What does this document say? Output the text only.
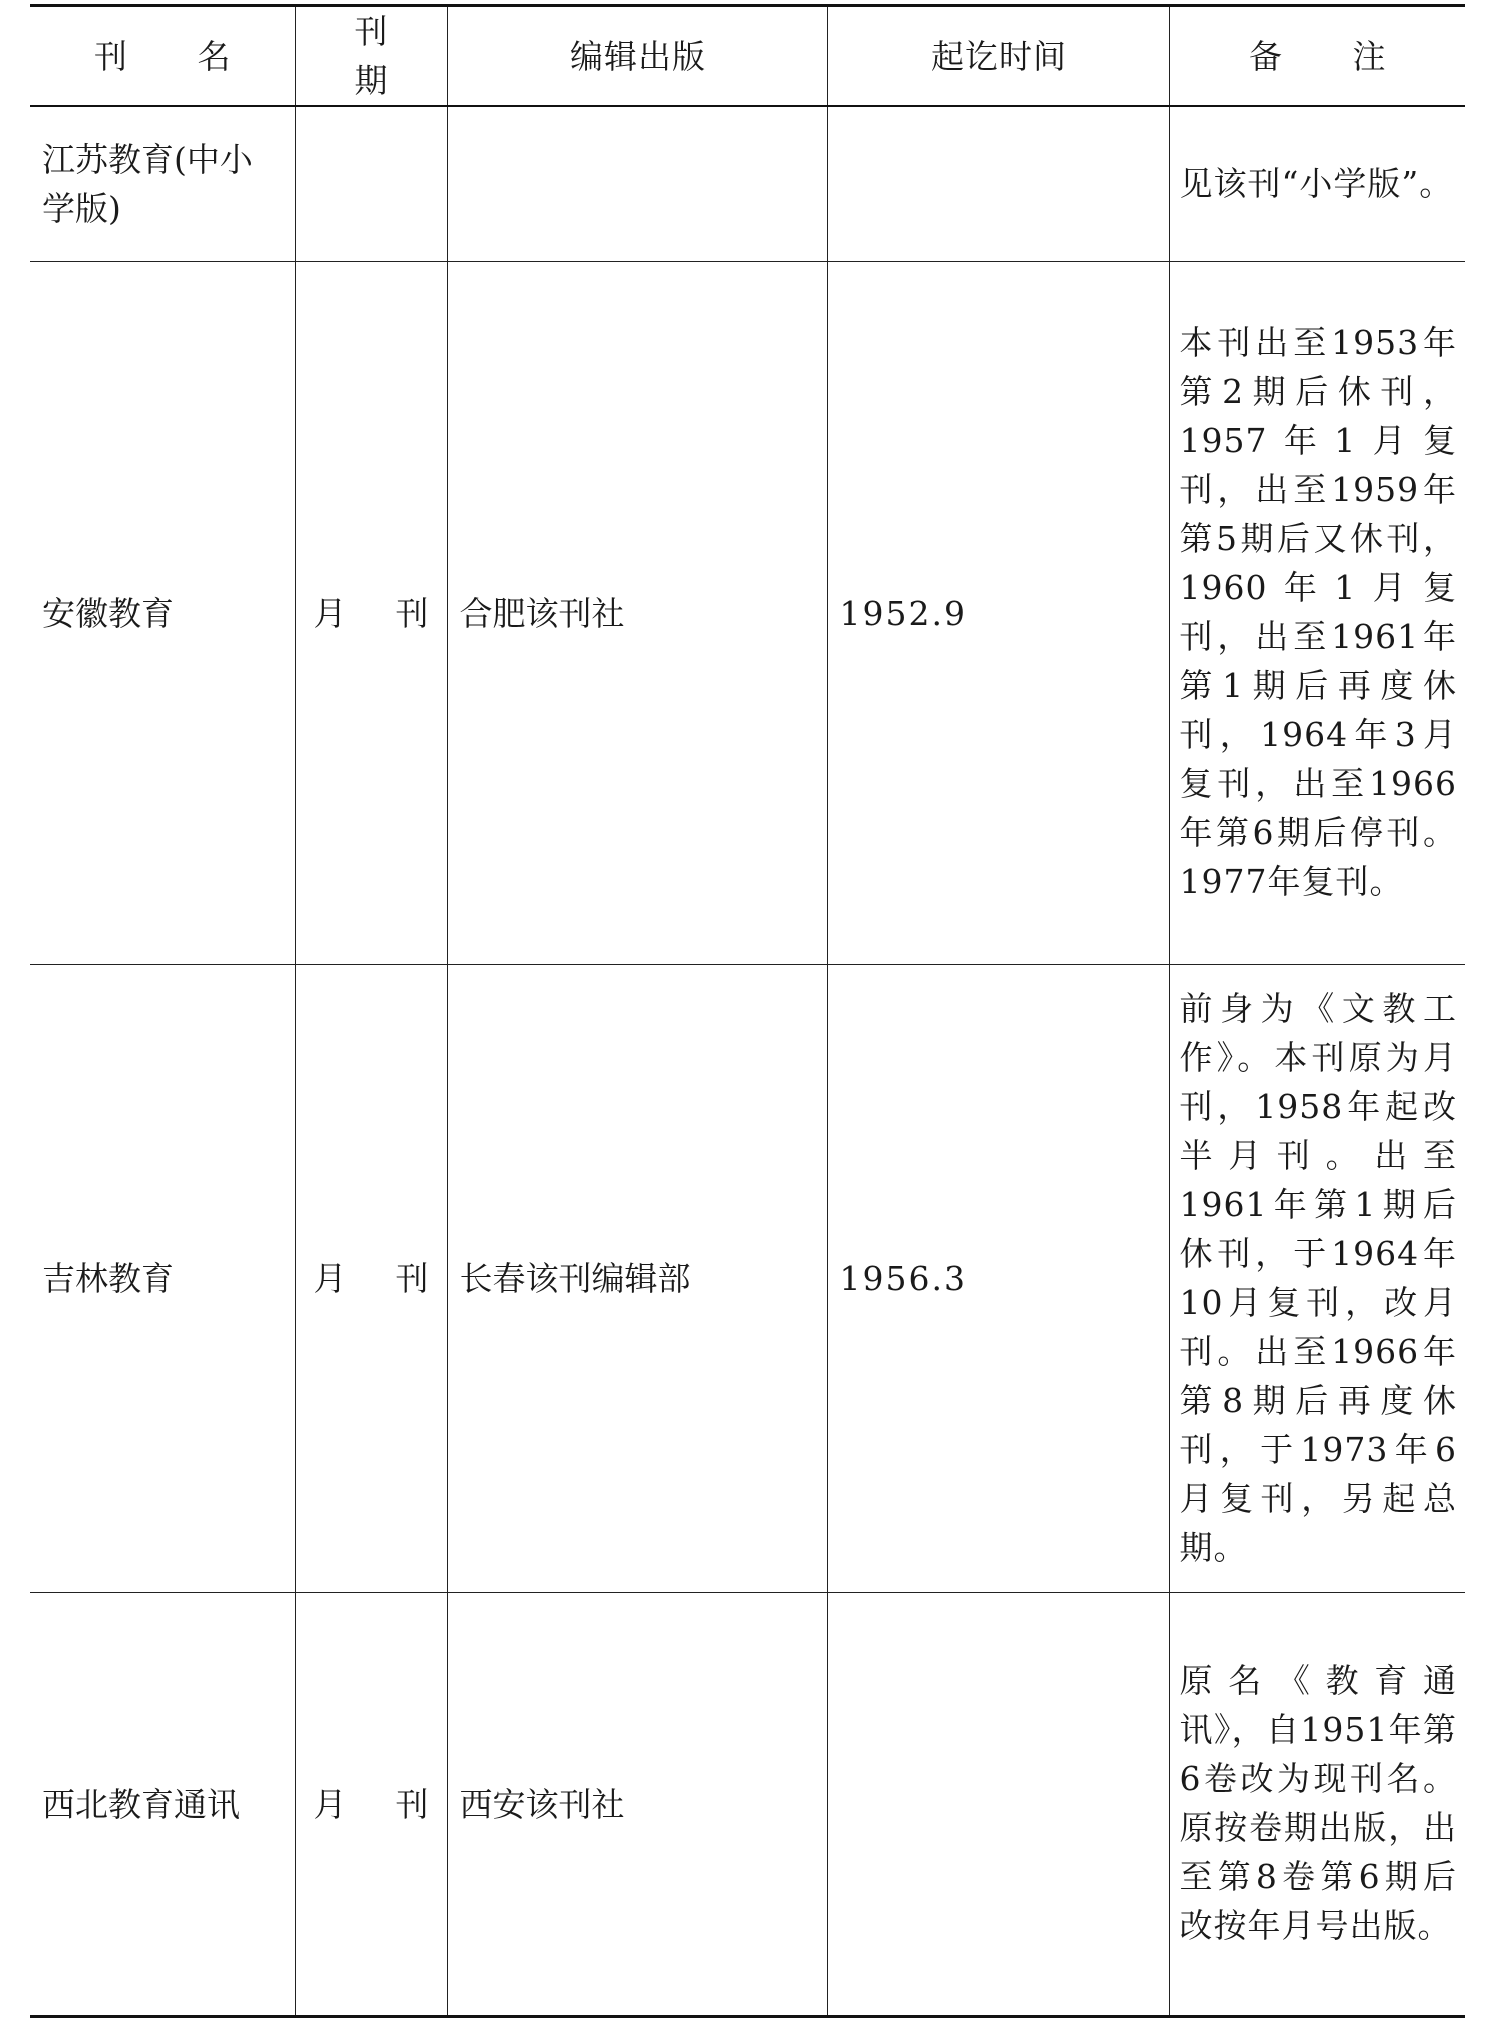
刊 名	刊 期	编辑出版	起讫时间	备 注
江苏教育(中小学版)				见该刊“小学版”。
安徽教育	月 刊	合肥该刊社	1952.9	本刊出至1953年第2期后休刊，1957年1月复刊，出至1959年第5期后又休刊，1960年1月复刊，出至1961年第1期后再度休刊，1964年3月复刊，出至1966年第6期后停刊。1977年复刊。
吉林教育	月 刊	长春该刊编辑部	1956.3	前身为《文教工作》。本刊原为月刊，1958年起改半月刊。出至1961年第1期后休刊，于1964年10月复刊，改月刊。出至1966年第8期后再度休刊，于1973年6月复刊，另起总期。
西北教育通讯	月 刊	西安该刊社		原名《教育通讯》，自1951年第6卷改为现刊名。原按卷期出版，出至第8卷第6期后改按年月号出版。
